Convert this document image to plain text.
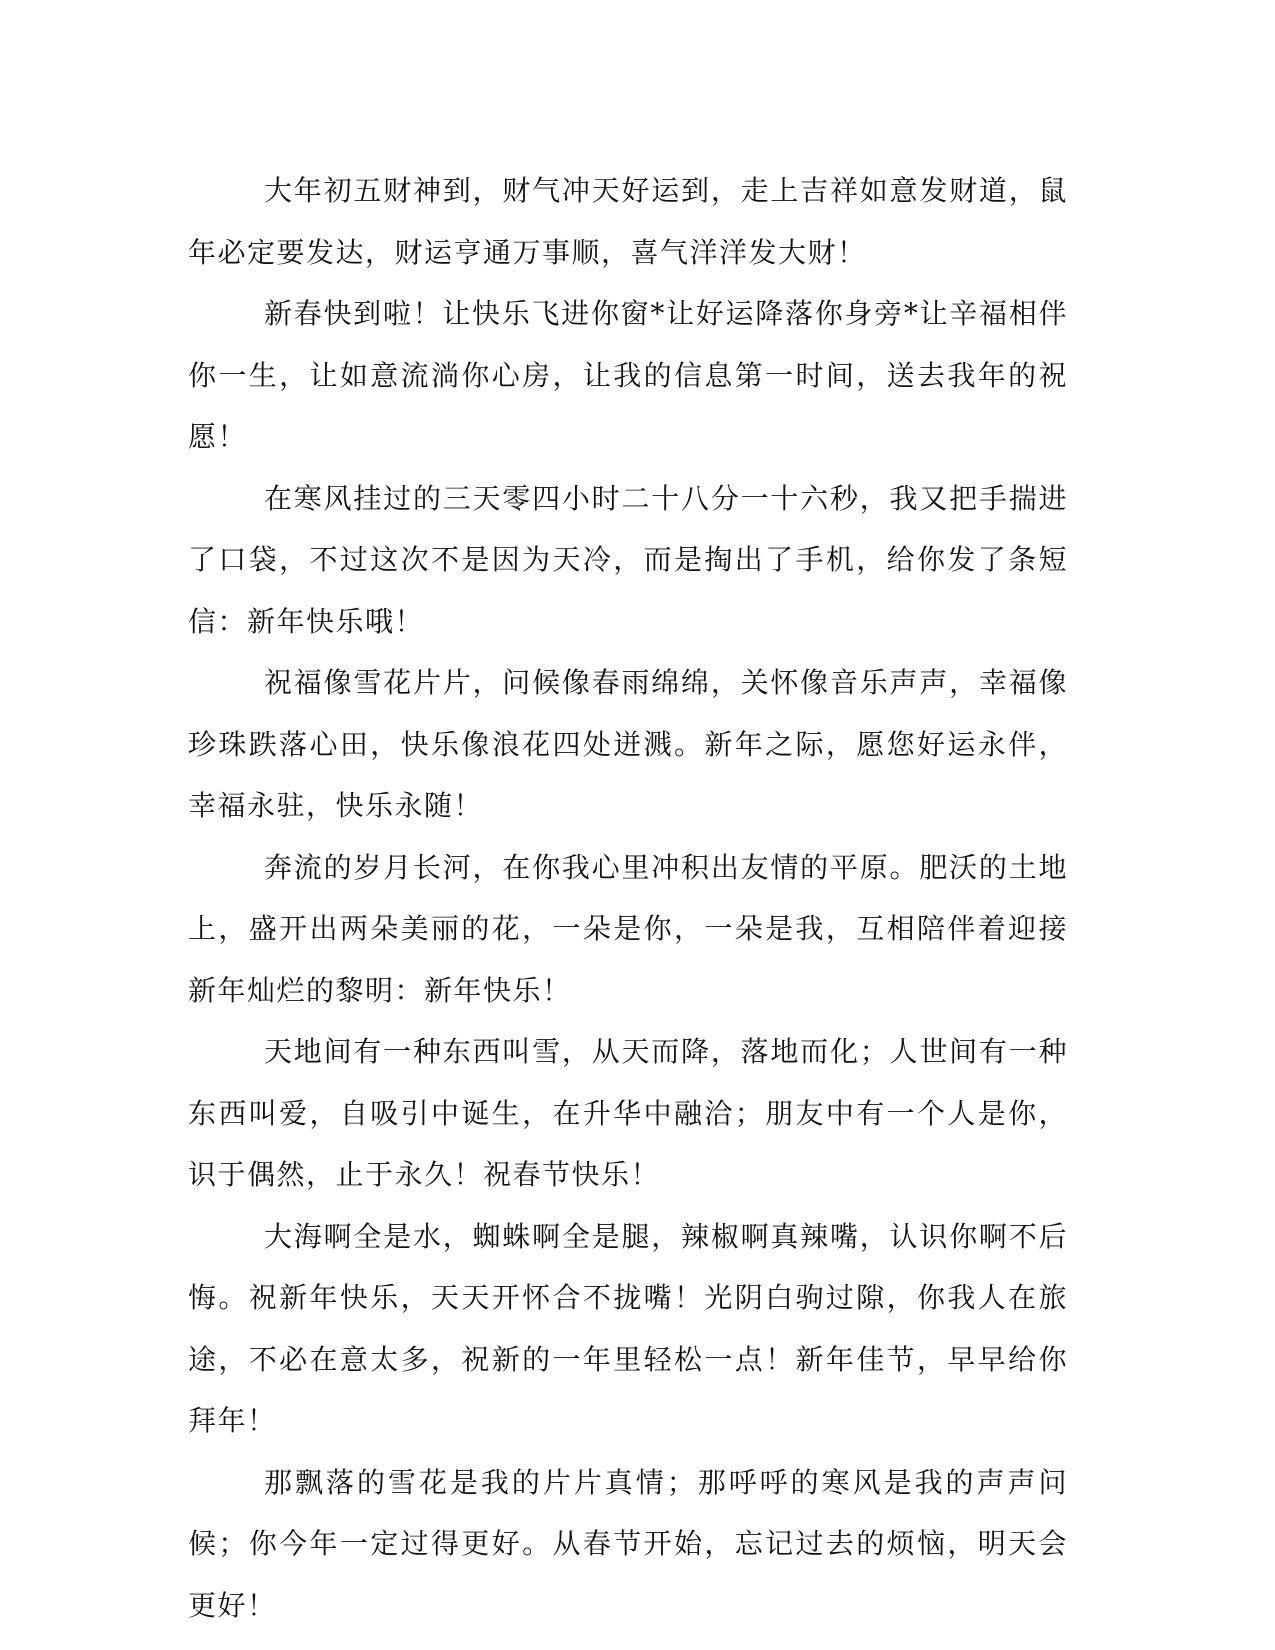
大年初五财神到，财气冲天好运到，走上吉祥如意发财道，鼠年必定要发达，财运亨通万事顺，喜气洋洋发大财！

新春快到啦！让快乐飞进你窗*让好运降落你身旁*让辛福相伴你一生，让如意流淌你心房，让我的信息第一时间，送去我年的祝愿！

在寒风挂过的三天零四小时二十八分一十六秒，我又把手揣进了口袋，不过这次不是因为天冷，而是掏出了手机，给你发了条短信：新年快乐哦！

祝福像雪花片片，问候像春雨绵绵，关怀像音乐声声，幸福像珍珠跌落心田，快乐像浪花四处迸溅。新年之际，愿您好运永伴，幸福永驻，快乐永随！

奔流的岁月长河，在你我心里冲积出友情的平原。肥沃的土地上，盛开出两朵美丽的花，一朵是你，一朵是我，互相陪伴着迎接新年灿烂的黎明：新年快乐！

天地间有一种东西叫雪，从天而降，落地而化；人世间有一种东西叫爱，自吸引中诞生，在升华中融洽；朋友中有一个人是你，识于偶然，止于永久！祝春节快乐！

大海啊全是水，蜘蛛啊全是腿，辣椒啊真辣嘴，认识你啊不后悔。祝新年快乐，天天开怀合不拢嘴！光阴白驹过隙，你我人在旅途，不必在意太多，祝新的一年里轻松一点！新年佳节，早早给你拜年！

那飘落的雪花是我的片片真情；那呼呼的寒风是我的声声问候；你今年一定过得更好。从春节开始，忘记过去的烦恼，明天会更好！
